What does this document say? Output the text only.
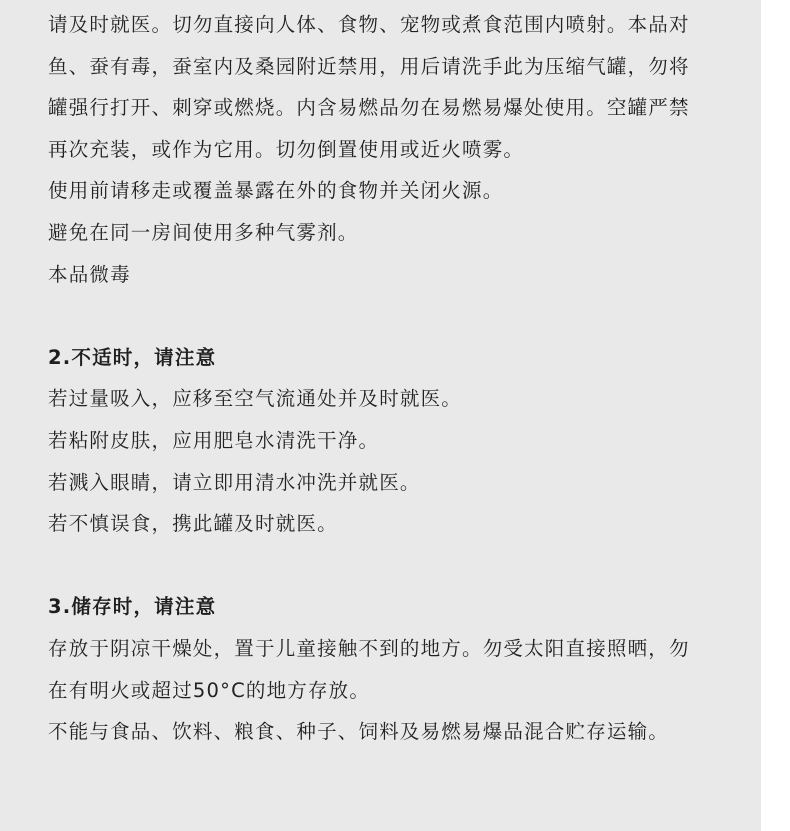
请及时就医。切勿直接向人体、食物、宠物或煮食范围内喷射。本品对
鱼、蚕有毒，蚕室内及桑园附近禁用，用后请洗手此为压缩气罐，勿将
罐强行打开、刺穿或燃烧。内含易燃品勿在易燃易爆处使用。空罐严禁
再次充装，或作为它用。切勿倒置使用或近火喷雾。
使用前请移走或覆盖暴露在外的食物并关闭火源。
避免在同一房间使用多种气雾剂。
本品微毒
2.不适时，请注意
若过量吸入，应移至空气流通处并及时就医。
若粘附皮肤，应用肥皂水清洗干净。
若溅入眼睛，请立即用清水冲洗并就医。
若不慎误食，携此罐及时就医。
3.储存时，请注意
存放于阴凉干燥处，置于儿童接触不到的地方。勿受太阳直接照晒，勿
在有明火或超过50°C的地方存放。
不能与食品、饮料、粮食、种子、饲料及易燃易爆品混合贮存运输。
